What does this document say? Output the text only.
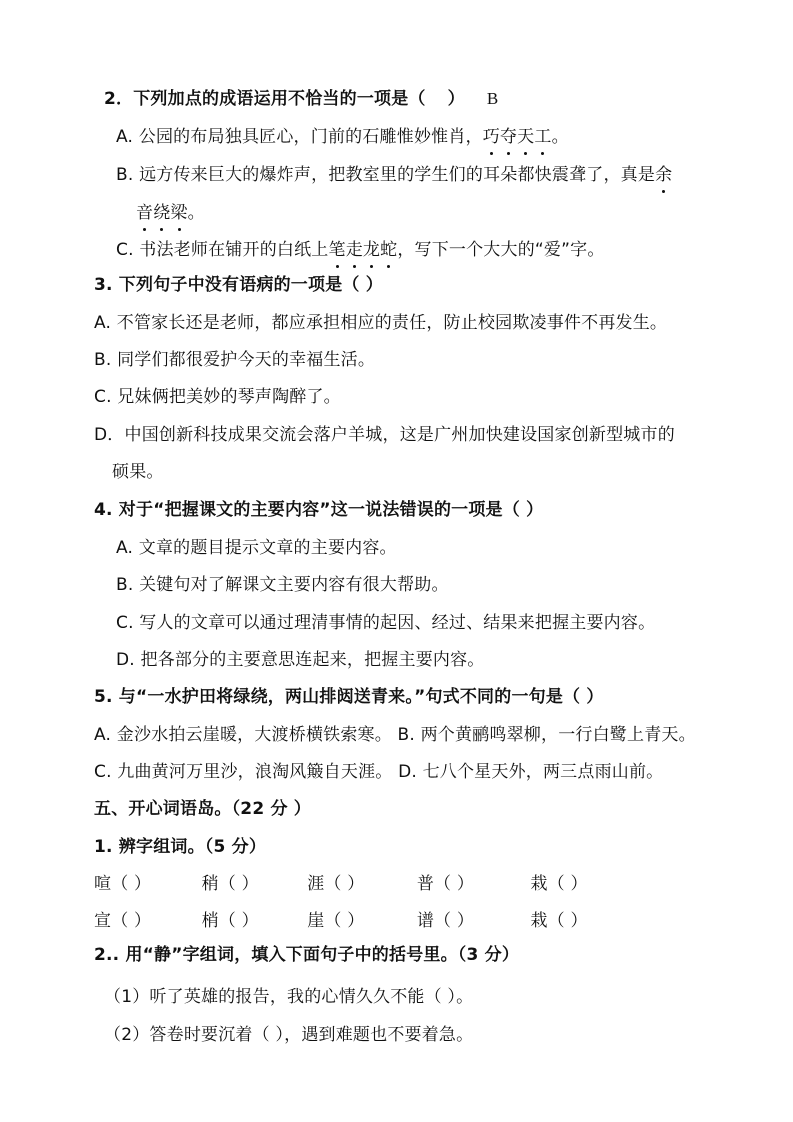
2．下列加点的成语运用不恰当的一项是（ ） B
A. 公园的布局独具匠心，门前的石雕惟妙惟肖，巧夺天工。
B. 远方传来巨大的爆炸声，把教室里的学生们的耳朵都快震聋了，真是余
音绕梁。
C. 书法老师在铺开的白纸上笔走龙蛇，写下一个大大的“爱”字。
3. 下列句子中没有语病的一项是（ ）
A. 不管家长还是老师，都应承担相应的责任，防止校园欺凌事件不再发生。
B. 同学们都很爱护今天的幸福生活。
C. 兄妹俩把美妙的琴声陶醉了。
D．中国创新科技成果交流会落户羊城，这是广州加快建设国家创新型城市的
硕果。
4. 对于“把握课文的主要内容”这一说法错误的一项是（ ）
A. 文章的题目提示文章的主要内容。
B. 关键句对了解课文主要内容有很大帮助。
C. 写人的文章可以通过理清事情的起因、经过、结果来把握主要内容。
D. 把各部分的主要意思连起来，把握主要内容。
5. 与“一水护田将绿绕，两山排闼送青来。”句式不同的一句是（ ）
A. 金沙水拍云崖暖，大渡桥横铁索寒。 B. 两个黄鹂鸣翠柳，一行白鹭上青天。
C. 九曲黄河万里沙，浪淘风簸自天涯。 D. 七八个星天外，两三点雨山前。
五、开心词语岛。（22 分 ）
1. 辨字组词。（5 分）
喧（ ）	稍（ ）	涯（ ）	普（ ）	栽（ ）
宣（ ）	梢（ ）	崖（ ）	谱（ ）	栽（ ）
2.. 用“静”字组词，填入下面句子中的括号里。（3 分）
（1）听了英雄的报告，我的心情久久不能（ ）。
（2）答卷时要沉着（ ），遇到难题也不要着急。
